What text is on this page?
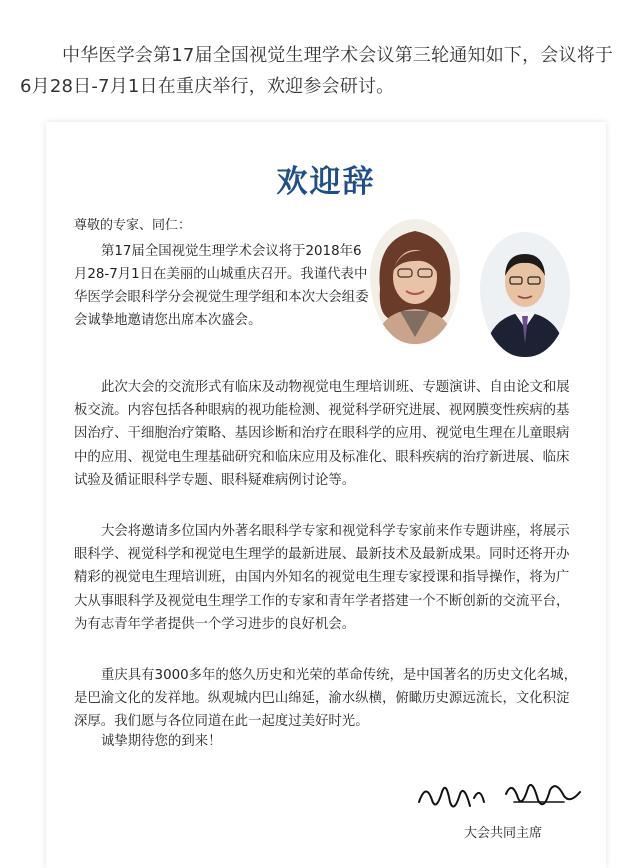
中华医学会第17届全国视觉生理学术会议第三轮通知如下，会议将于6月28日-7月1日在重庆举行，欢迎参会研讨。
欢迎辞
尊敬的专家、同仁：
第17届全国视觉生理学术会议将于2018年6月28-7月1日在美丽的山城重庆召开。我谨代表中华医学会眼科学分会视觉生理学组和本次大会组委会诚挚地邀请您出席本次盛会。
此次大会的交流形式有临床及动物视觉电生理培训班、专题演讲、自由论文和展板交流。内容包括各种眼病的视功能检测、视觉科学研究进展、视网膜变性疾病的基因治疗、干细胞治疗策略、基因诊断和治疗在眼科学的应用、视觉电生理在儿童眼病中的应用、视觉电生理基础研究和临床应用及标准化、眼科疾病的治疗新进展、临床试验及循证眼科学专题、眼科疑难病例讨论等。
大会将邀请多位国内外著名眼科学专家和视觉科学专家前来作专题讲座，将展示眼科学、视觉科学和视觉电生理学的最新进展、最新技术及最新成果。同时还将开办精彩的视觉电生理培训班，由国内外知名的视觉电生理专家授课和指导操作，将为广大从事眼科学及视觉电生理学工作的专家和青年学者搭建一个不断创新的交流平台，为有志青年学者提供一个学习进步的良好机会。
重庆具有3000多年的悠久历史和光荣的革命传统，是中国著名的历史文化名城，是巴渝文化的发祥地。纵观城内巴山绵延，渝水纵横，俯瞰历史源远流长，文化积淀深厚。我们愿与各位同道在此一起度过美好时光。
诚挚期待您的到来！
大会共同主席
